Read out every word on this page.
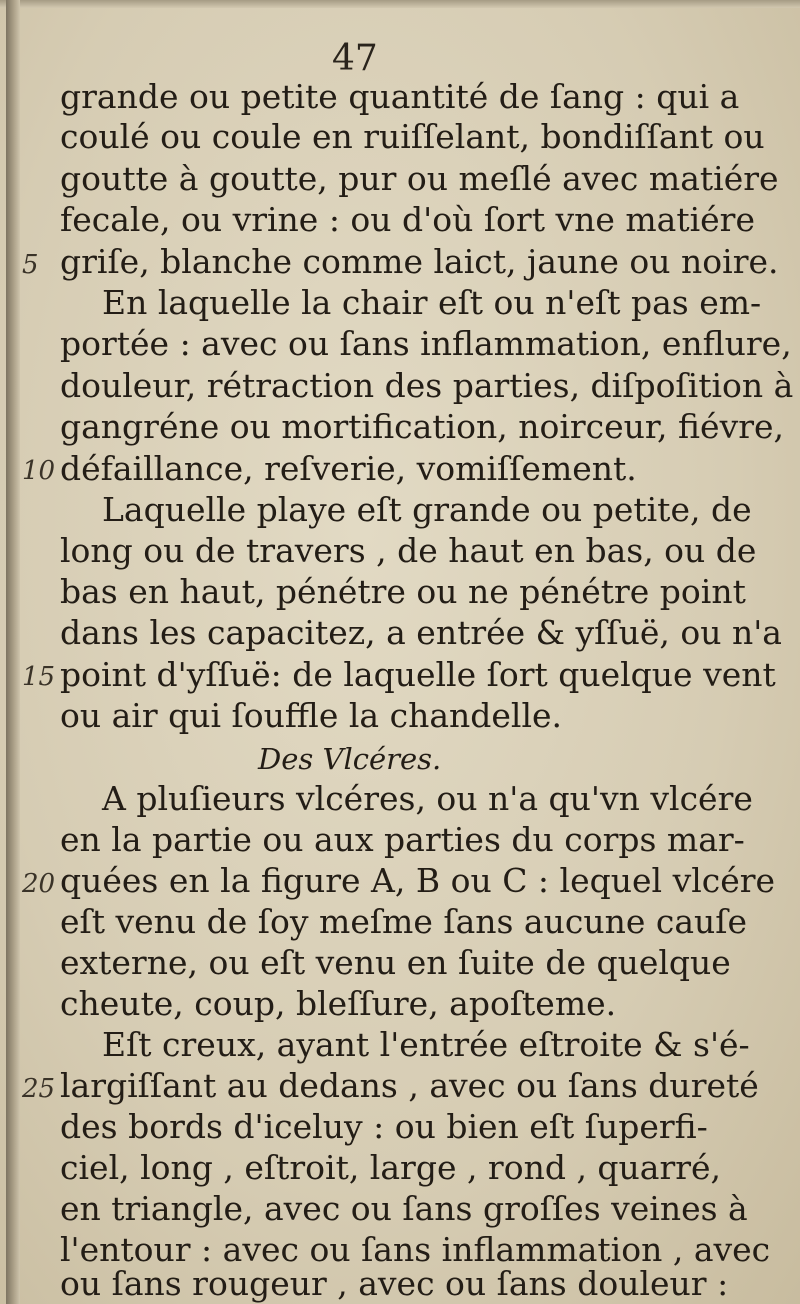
47
grande ou petite quantité de ſang : qui a
coulé ou coule en ruiſſelant, bondiſſant ou
goutte à goutte, pur ou meſlé avec matiére
fecale, ou vrine : ou d'où ſort vne matiére
5 griſe, blanche comme laict, jaune ou noire.
En laquelle la chair eſt ou n'eſt pas em-
portée : avec ou ſans inflammation, enflure,
douleur, rétraction des parties, diſpoſition à
gangréne ou mortification, noirceur, fiévre,
10 défaillance, reſverie, vomiſſement.
Laquelle playe eſt grande ou petite, de
long ou de travers , de haut en bas, ou de
bas en haut, pénétre ou ne pénétre point
dans les capacitez, a entrée & yſſuë, ou n'a
15 point d'yſſuë: de laquelle ſort quelque vent
ou air qui ſouffle la chandelle.
Des Vlcéres.
A pluſieurs vlcéres, ou n'a qu'vn vlcére
en la partie ou aux parties du corps mar-
20 quées en la figure A, B ou C : lequel vlcére
eſt venu de ſoy meſme ſans aucune cauſe
externe, ou eſt venu en ſuite de quelque
cheute, coup, bleſſure, apoſteme.
Eſt creux, ayant l'entrée eſtroite & s'é-
25 largiſſant au dedans , avec ou ſans dureté
des bords d'iceluy : ou bien eſt ſuperfi-
ciel, long , eſtroit, large , rond , quarré,
en triangle, avec ou ſans groſſes veines à
l'entour : avec ou ſans inflammation , avec
ou ſans rougeur , avec ou ſans douleur :
